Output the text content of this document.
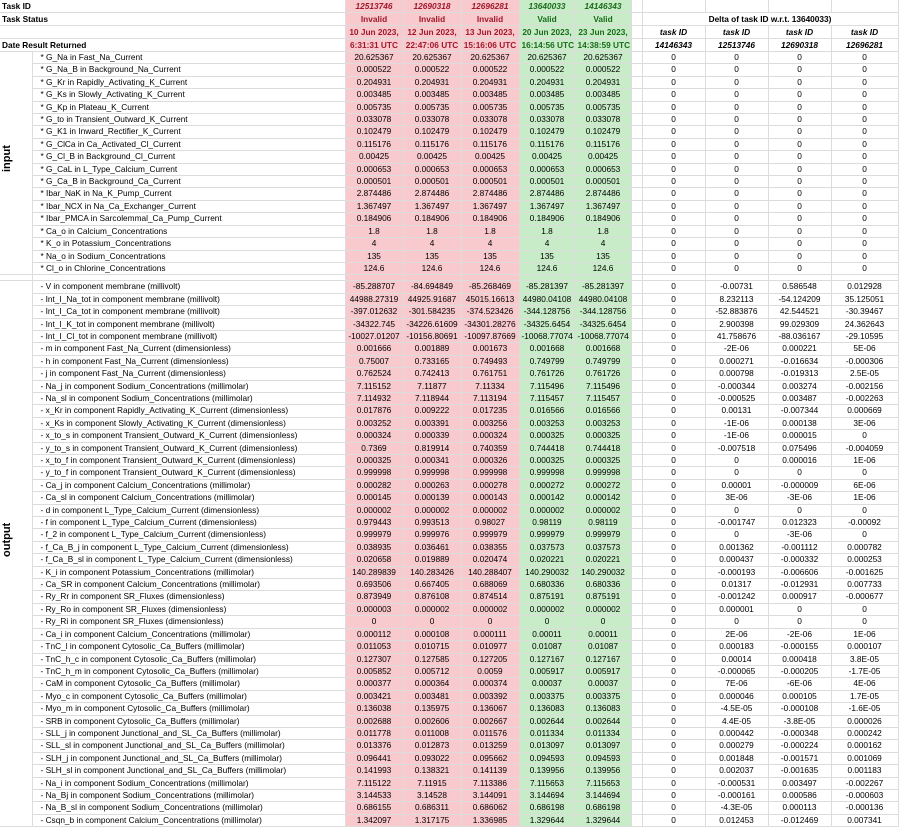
Task ID		12513746	12690318	12696281	13640033	14146343					
Task Status		Invalid	Invalid	Invalid	Valid	Valid		Delta of task ID w.r.t. 13640033)			
		10 Jun 2023,	12 Jun 2023,	13 Jun 2023,	20 Jun 2023,	23 Jun 2023,		task ID	task ID	task ID	task ID
Date Result Returned		6:31:31 UTC	22:47:06 UTC	15:16:06 UTC	16:14:56 UTC	14:38:59 UTC		14146343	12513746	12690318	12696281

input	* G_Na in Fast_Na_Current	20.625367	20.625367	20.625367	20.625367	20.625367		0	0	0	0
	* G_Na_B in Background_Na_Current	0.000522	0.000522	0.000522	0.000522	0.000522		0	0	0	0
	* G_Kr in Rapidly_Activating_K_Current	0.204931	0.204931	0.204931	0.204931	0.204931		0	0	0	0
	* G_Ks in Slowly_Activating_K_Current	0.003485	0.003485	0.003485	0.003485	0.003485		0	0	0	0
	* G_Kp in Plateau_K_Current	0.005735	0.005735	0.005735	0.005735	0.005735		0	0	0	0
	* G_to in Transient_Outward_K_Current	0.033078	0.033078	0.033078	0.033078	0.033078		0	0	0	0
	* G_K1 in Inward_Rectifier_K_Current	0.102479	0.102479	0.102479	0.102479	0.102479		0	0	0	0
	* G_ClCa in Ca_Activated_Cl_Current	0.115176	0.115176	0.115176	0.115176	0.115176		0	0	0	0
	* G_Cl_B in Background_Cl_Current	0.00425	0.00425	0.00425	0.00425	0.00425		0	0	0	0
	* G_CaL in L_Type_Calcium_Current	0.000653	0.000653	0.000653	0.000653	0.000653		0	0	0	0
	* G_Ca_B in Background_Ca_Current	0.000501	0.000501	0.000501	0.000501	0.000501		0	0	0	0
	* Ibar_NaK in Na_K_Pump_Current	2.874486	2.874486	2.874486	2.874486	2.874486		0	0	0	0
	* Ibar_NCX in Na_Ca_Exchanger_Current	1.367497	1.367497	1.367497	1.367497	1.367497		0	0	0	0
	* Ibar_PMCA in Sarcolemmal_Ca_Pump_Current	0.184906	0.184906	0.184906	0.184906	0.184906		0	0	0	0
	* Ca_o in Calcium_Concentrations	1.8	1.8	1.8	1.8	1.8		0	0	0	0
	* K_o in Potassium_Concentrations	4	4	4	4	4		0	0	0	0
	* Na_o in Sodium_Concentrations	135	135	135	135	135		0	0	0	0
	* Cl_o in Chlorine_Concentrations	124.6	124.6	124.6	124.6	124.6		0	0	0	0

output	- V in component membrane (millivolt)	-85.288707	-84.694849	-85.268469	-85.281397	-85.281397		0	-0.00731	0.586548	0.012928
	- Int_I_Na_tot in component membrane (millivolt)	44988.27319	44925.91687	45015.16613	44980.04108	44980.04108		0	8.232113	-54.124209	35.125051
	- Int_I_Ca_tot in component membrane (millivolt)	-397.012632	-301.584235	-374.523426	-344.128756	-344.128756		0	-52.883876	42.544521	-30.39467
	- Int_I_K_tot in component membrane (millivolt)	-34322.745	-34226.61609	-34301.28276	-34325.6454	-34325.6454		0	2.900398	99.029309	24.362643
	- Int_I_Cl_tot in component membrane (millivolt)	-10027.01207	-10156.80691	-10097.87669	-10068.77074	-10068.77074		0	41.758676	-88.036167	-29.10595
	- m in component Fast_Na_Current (dimensionless)	0.001666	0.001889	0.001673	0.001668	0.001668		0	-2E-06	0.000221	5E-06
	- h in component Fast_Na_Current (dimensionless)	0.75007	0.733165	0.749493	0.749799	0.749799		0	0.000271	-0.016634	-0.000306
	- j in component Fast_Na_Current (dimensionless)	0.762524	0.742413	0.761751	0.761726	0.761726		0	0.000798	-0.019313	2.5E-05
	- Na_j in component Sodium_Concentrations (millimolar)	7.115152	7.11877	7.11334	7.115496	7.115496		0	-0.000344	0.003274	-0.002156
	- Na_sl in component Sodium_Concentrations (millimolar)	7.114932	7.118944	7.113194	7.115457	7.115457		0	-0.000525	0.003487	-0.002263
	- x_Kr in component Rapidly_Activating_K_Current (dimensionless)	0.017876	0.009222	0.017235	0.016566	0.016566		0	0.00131	-0.007344	0.000669
	- x_Ks in component Slowly_Activating_K_Current (dimensionless)	0.003252	0.003391	0.003256	0.003253	0.003253		0	-1E-06	0.000138	3E-06
	- x_to_s in component Transient_Outward_K_Current (dimensionless)	0.000324	0.000339	0.000324	0.000325	0.000325		0	-1E-06	0.000015	0
	- y_to_s in component Transient_Outward_K_Current (dimensionless)	0.7369	0.819914	0.740359	0.744418	0.744418		0	-0.007518	0.075496	-0.004059
	- x_to_f in component Transient_Outward_K_Current (dimensionless)	0.000325	0.000341	0.000326	0.000325	0.000325		0	0	0.000016	1E-06
	- y_to_f in component Transient_Outward_K_Current (dimensionless)	0.999998	0.999998	0.999998	0.999998	0.999998		0	0	0	0
	- Ca_j in component Calcium_Concentrations (millimolar)	0.000282	0.000263	0.000278	0.000272	0.000272		0	0.00001	-0.000009	6E-06
	- Ca_sl in component Calcium_Concentrations (millimolar)	0.000145	0.000139	0.000143	0.000142	0.000142		0	3E-06	-3E-06	1E-06
	- d in component L_Type_Calcium_Current (dimensionless)	0.000002	0.000002	0.000002	0.000002	0.000002		0	0	0	0
	- f in component L_Type_Calcium_Current (dimensionless)	0.979443	0.993513	0.98027	0.98119	0.98119		0	-0.001747	0.012323	-0.00092
	- f_2 in component L_Type_Calcium_Current (dimensionless)	0.999979	0.999976	0.999979	0.999979	0.999979		0	0	-3E-06	0
	- f_Ca_B_j in component L_Type_Calcium_Current (dimensionless)	0.038935	0.036461	0.038355	0.037573	0.037573		0	0.001362	-0.001112	0.000782
	- f_Ca_B_sl in component L_Type_Calcium_Current (dimensionless)	0.020658	0.019889	0.020474	0.020221	0.020221		0	0.000437	-0.000332	0.000253
	- K_i in component Potassium_Concentrations (millimolar)	140.289839	140.283426	140.288407	140.290032	140.290032		0	-0.000193	-0.006606	-0.001625
	- Ca_SR in component Calcium_Concentrations (millimolar)	0.693506	0.667405	0.688069	0.680336	0.680336		0	0.01317	-0.012931	0.007733
	- Ry_Rr in component SR_Fluxes (dimensionless)	0.873949	0.876108	0.874514	0.875191	0.875191		0	-0.001242	0.000917	-0.000677
	- Ry_Ro in component SR_Fluxes (dimensionless)	0.000003	0.000002	0.000002	0.000002	0.000002		0	0.000001	0	0
	- Ry_Ri in component SR_Fluxes (dimensionless)	0	0	0	0	0		0	0	0	0
	- Ca_i in component Calcium_Concentrations (millimolar)	0.000112	0.000108	0.000111	0.00011	0.00011		0	2E-06	-2E-06	1E-06
	- TnC_l in component Cytosolic_Ca_Buffers (millimolar)	0.011053	0.010715	0.010977	0.01087	0.01087		0	0.000183	-0.000155	0.000107
	- TnC_h_c in component Cytosolic_Ca_Buffers (millimolar)	0.127307	0.127585	0.127205	0.127167	0.127167		0	0.00014	0.000418	3.8E-05
	- TnC_h_m in component Cytosolic_Ca_Buffers (millimolar)	0.005852	0.005712	0.0059	0.005917	0.005917		0	-0.000065	-0.000205	-1.7E-05
	- CaM in component Cytosolic_Ca_Buffers (millimolar)	0.000377	0.000364	0.000374	0.00037	0.00037		0	7E-06	-6E-06	4E-06
	- Myo_c in component Cytosolic_Ca_Buffers (millimolar)	0.003421	0.003481	0.003392	0.003375	0.003375		0	0.000046	0.000105	1.7E-05
	- Myo_m in component Cytosolic_Ca_Buffers (millimolar)	0.136038	0.135975	0.136067	0.136083	0.136083		0	-4.5E-05	-0.000108	-1.6E-05
	- SRB in component Cytosolic_Ca_Buffers (millimolar)	0.002688	0.002606	0.002667	0.002644	0.002644		0	4.4E-05	-3.8E-05	0.000026
	- SLL_j in component Junctional_and_SL_Ca_Buffers (millimolar)	0.011778	0.011008	0.011576	0.011334	0.011334		0	0.000442	-0.000348	0.000242
	- SLL_sl in component Junctional_and_SL_Ca_Buffers (millimolar)	0.013376	0.012873	0.013259	0.013097	0.013097		0	0.000279	-0.000224	0.000162
	- SLH_j in component Junctional_and_SL_Ca_Buffers (millimolar)	0.096441	0.093022	0.095662	0.094593	0.094593		0	0.001848	-0.001571	0.001069
	- SLH_sl in component Junctional_and_SL_Ca_Buffers (millimolar)	0.141993	0.138321	0.141139	0.139956	0.139956		0	0.002037	-0.001635	0.001183
	- Na_i in component Sodium_Concentrations (millimolar)	7.115122	7.11915	7.113386	7.115653	7.115653		0	-0.000531	0.003497	-0.002267
	- Na_Bj in component Sodium_Concentrations (millimolar)	3.144533	3.14528	3.144091	3.144694	3.144694		0	-0.000161	0.000586	-0.000603
	- Na_B_sl in component Sodium_Concentrations (millimolar)	0.686155	0.686311	0.686062	0.686198	0.686198		0	-4.3E-05	0.000113	-0.000136
	- Csqn_b in component Calcium_Concentrations (millimolar)	1.342097	1.317175	1.336985	1.329644	1.329644		0	0.012453	-0.012469	0.007341
